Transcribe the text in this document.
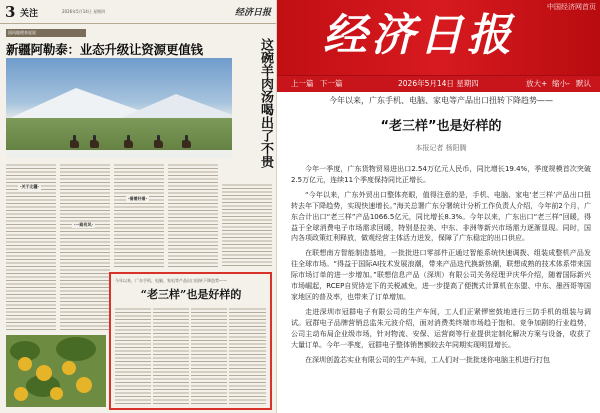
3 关注	2026年5月14日 星期四	经济日报
国风地理来说说
新疆阿勒泰：业态升级让资源更值钱	这碗羊肉汤喝出了不贵
·关于北疆·
·一路有风·
·看着好看·
今年以来，广东手机、电脑、家电等产品出口扭转下降趋势——
“老三样”也是好样的
经济日报
中国经济网首页
上一篇 下一篇	2026年5月14日 星期四	放大+ 缩小- 默认
今年以来，广东手机、电脑、家电等产品出口扭转下降趋势——
“老三样”也是好样的
本报记者 杨阳腾

今年一季度，广东货物贸易进出口2.54万亿元人民币，同比增长19.4%，季度规模首次突破2.5万亿元，连续11个季度保持同比正增长。

“今年以来，广东外贸出口整体亮眼，值得注意的是，手机、电脑、家电‘老三样’产品出口扭转去年下降趋势，实现快速增长。”海关总署广东分署统计分析工作负责人介绍，今年前2个月，广东合计出口“老三样”产品1066.5亿元，同比增长8.3%。今年以来，广东出口“老三样”回暖，得益于全球消费电子市场需求回暖，特别是拉美、中东、非洲等新兴市场需力逐渐显现。同时，国内各项政策红利释放，做观经营主体活力迸发，保障了广东稳定的出口供应。

在联想南方智能制造基地，一批批进口零部件正通过智能系统快速调拨、组装成整机产品发往全球市场。“得益于国际AI技术发展浪潮，带来产品迭代换新热潮，联想成熟的技术体系带来国际市场订单的进一步增加。”联想信息产品（深圳）有限公司关务经理尹庆华介绍，随着国际新兴市场崛起，RCEP自贸协定下的关税减免，进一步提高了便携式计算机在东盟、中东、墨西哥等国家地区的普及率，也带来了订单增加。

走进深圳市冠群电子有限公司的生产车间，工人们正紧锣密鼓地进行三防手机的组装与调试。冠群电子品牌营销总监朱元波介绍，面对消费类终端市场趋于饱和、竞争加剧的行业趋势，公司主动布局企业级市场，针对物流、安保、运营商等行业提供定制化解决方案与设备，收获了大量订单。今年一季度，冠群电子整体销售额较去年同期实现明显增长。

在深圳创盈芯实业有限公司的生产车间，工人们对一批批迷你电脑主机进行打包
